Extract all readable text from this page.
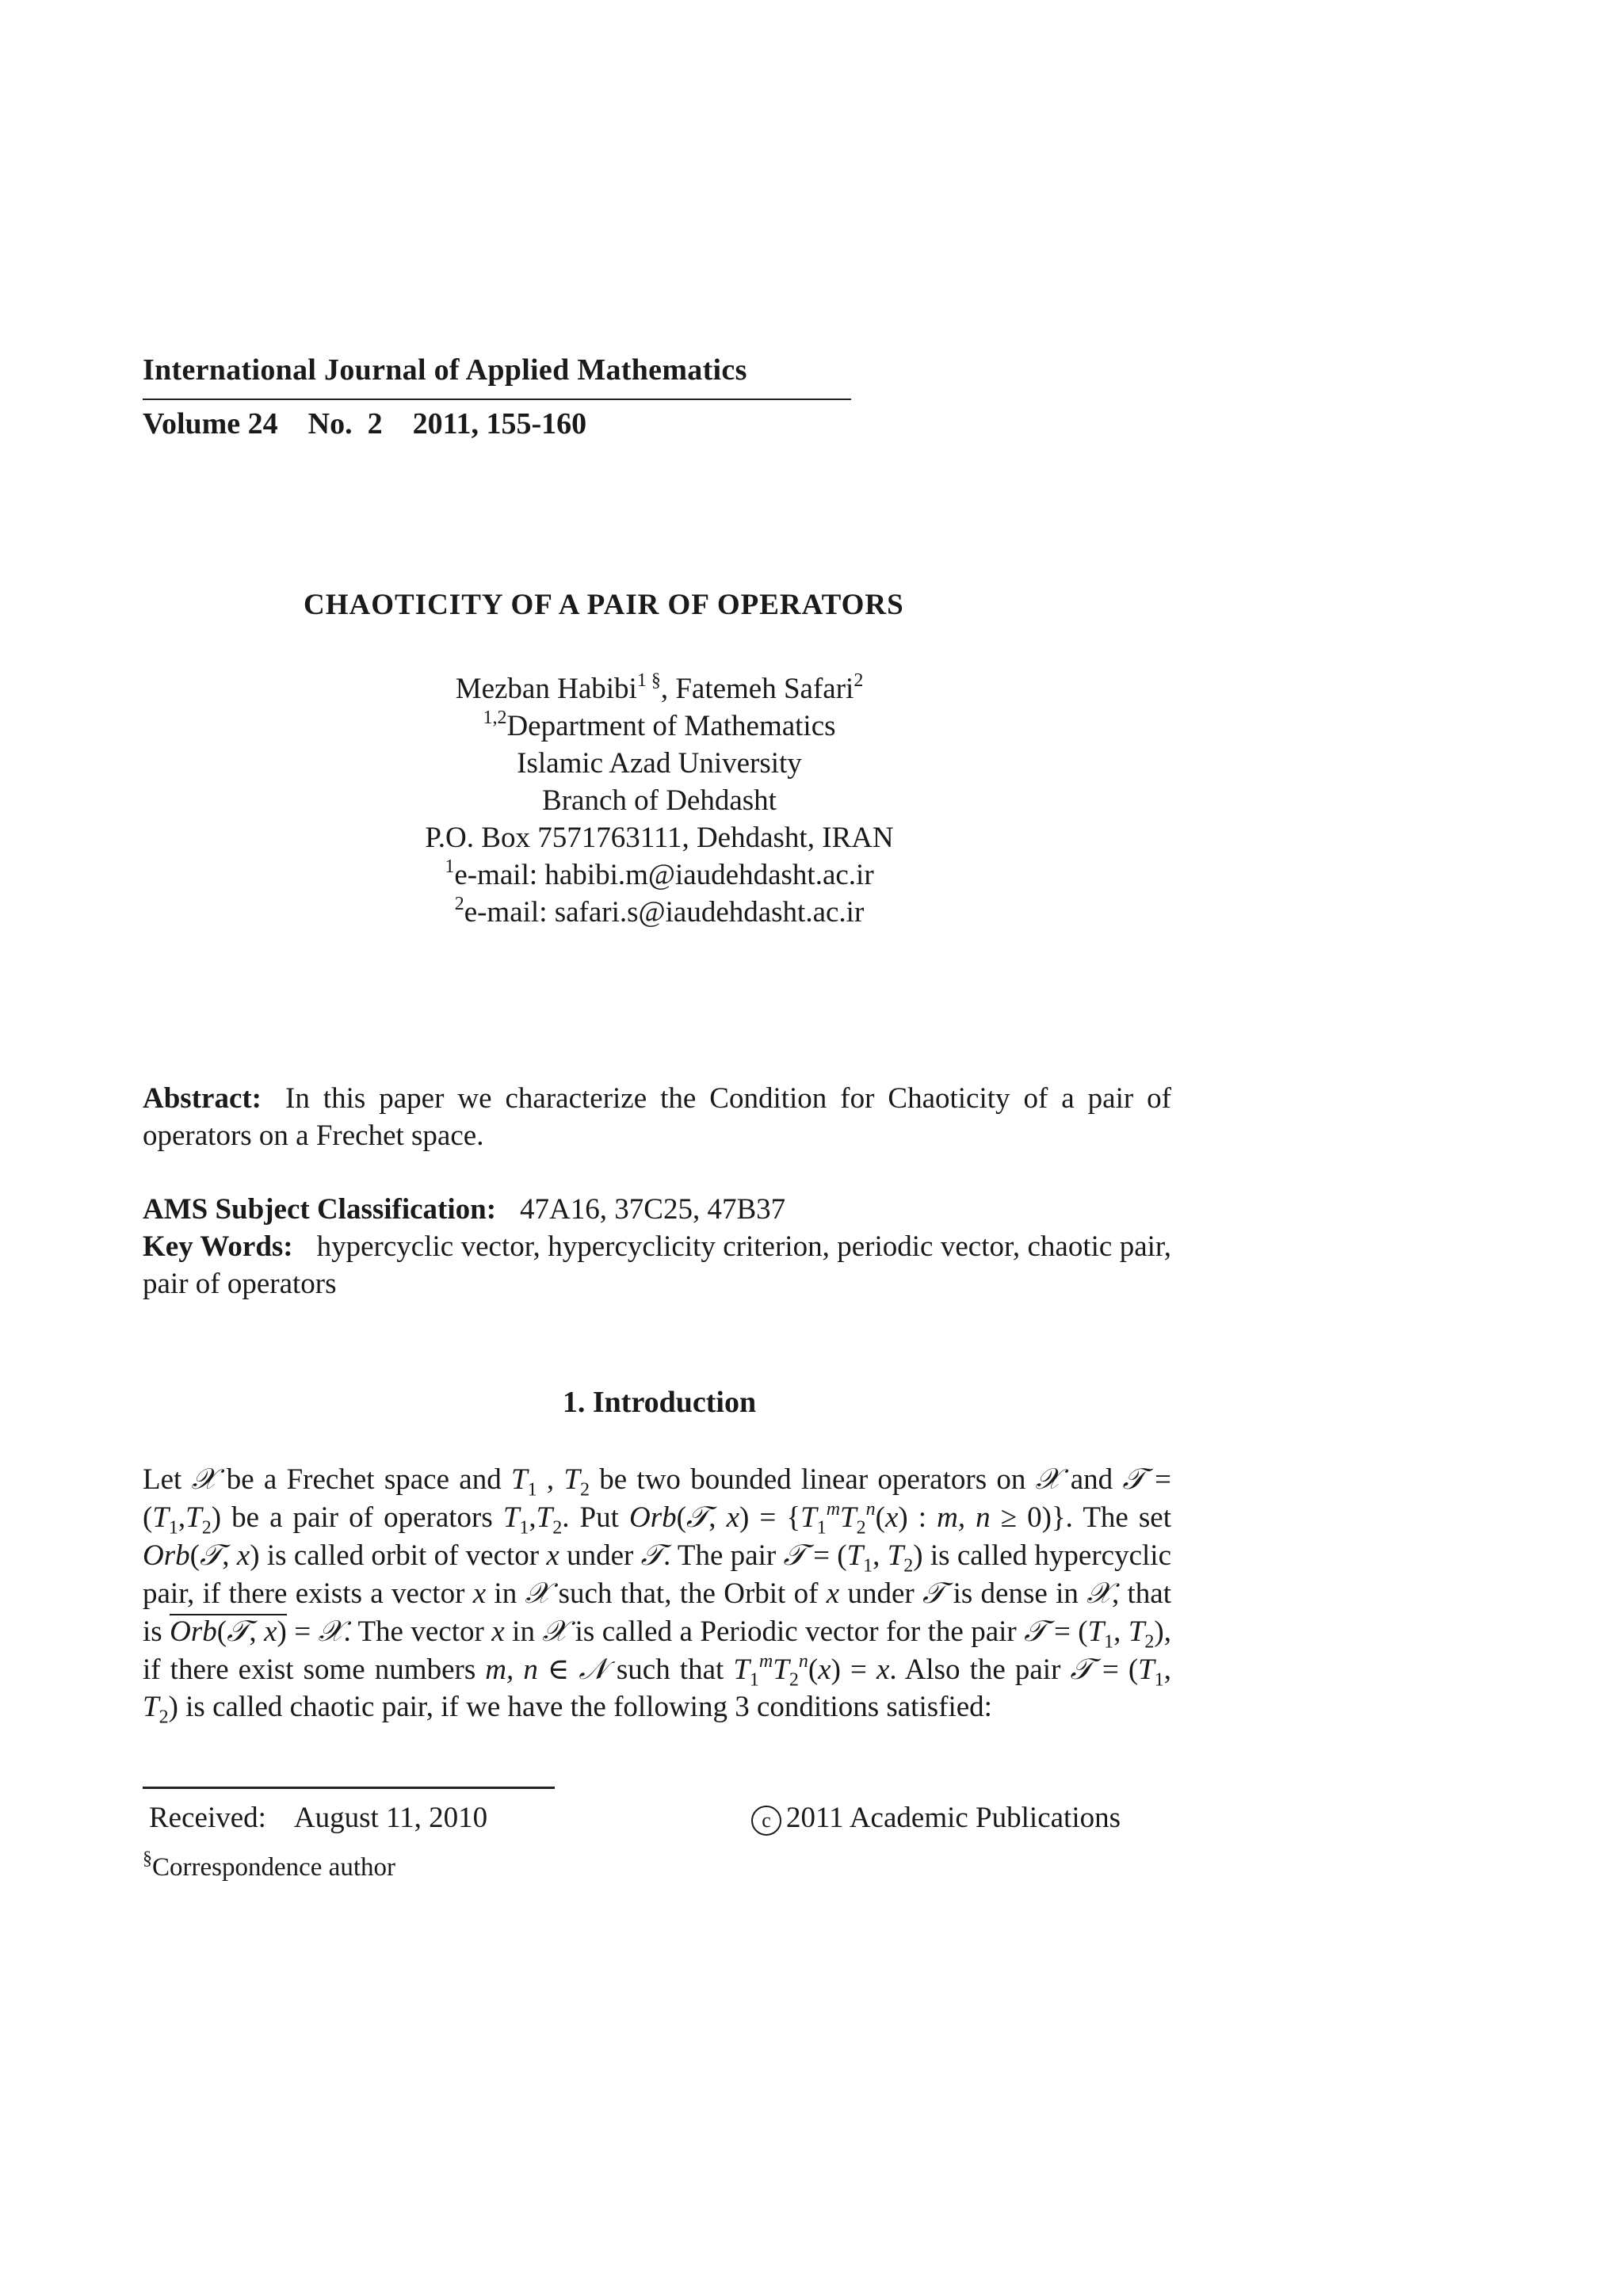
International Journal of Applied Mathematics
Volume 24    No.  2    2011, 155-160
CHAOTICITY OF A PAIR OF OPERATORS
Mezban Habibi$^{1 \S}$, Fatemeh Safari$^2$
$^{1,2}$Department of Mathematics
Islamic Azad University
Branch of Dehdasht
P.O. Box 7571763111, Dehdasht, IRAN
$^1$e-mail: habibi.m@iaudehdasht.ac.ir
$^2$e-mail: safari.s@iaudehdasht.ac.ir
Abstract: In this paper we characterize the Condition for Chaoticity of a pair of operators on a Frechet space.
AMS Subject Classification: 47A16, 37C25, 47B37
Key Words: hypercyclic vector, hypercyclicity criterion, periodic vector, chaotic pair, pair of operators
1. Introduction
Let 𝒳 be a Frechet space and $T_1$ , $T_2$ be two bounded linear operators on 𝒳 and 𝒯 = $(T_1,T_2)$ be a pair of operators $T_1,T_2$. Put Orb(𝒯, $x) = \{T_1^mT_2^n(x)$ : m, n ≥ 0)}. The set Orb(𝒯, x) is called orbit of vector x under 𝒯. The pair 𝒯 = ($T_1$, $T_2$) is called hypercyclic pair, if there exists a vector x in 𝒳 such that, the Orbit of x under 𝒯 is dense in 𝒳, that is Orb(𝒯, x) = 𝒳. The vector x in 𝒳 is called a Periodic vector for the pair 𝒯 = ($T_1$, $T_2$), if there exist some numbers m, n ∈ 𝒩 such that $T_1^mT_2^n(x) = x$. Also the pair 𝒯 = ($T_1$, $T_2$) is called chaotic pair, if we have the following 3 conditions satisfied:
Received: August 11, 2010	c 2011 Academic Publications
§Correspondence author
